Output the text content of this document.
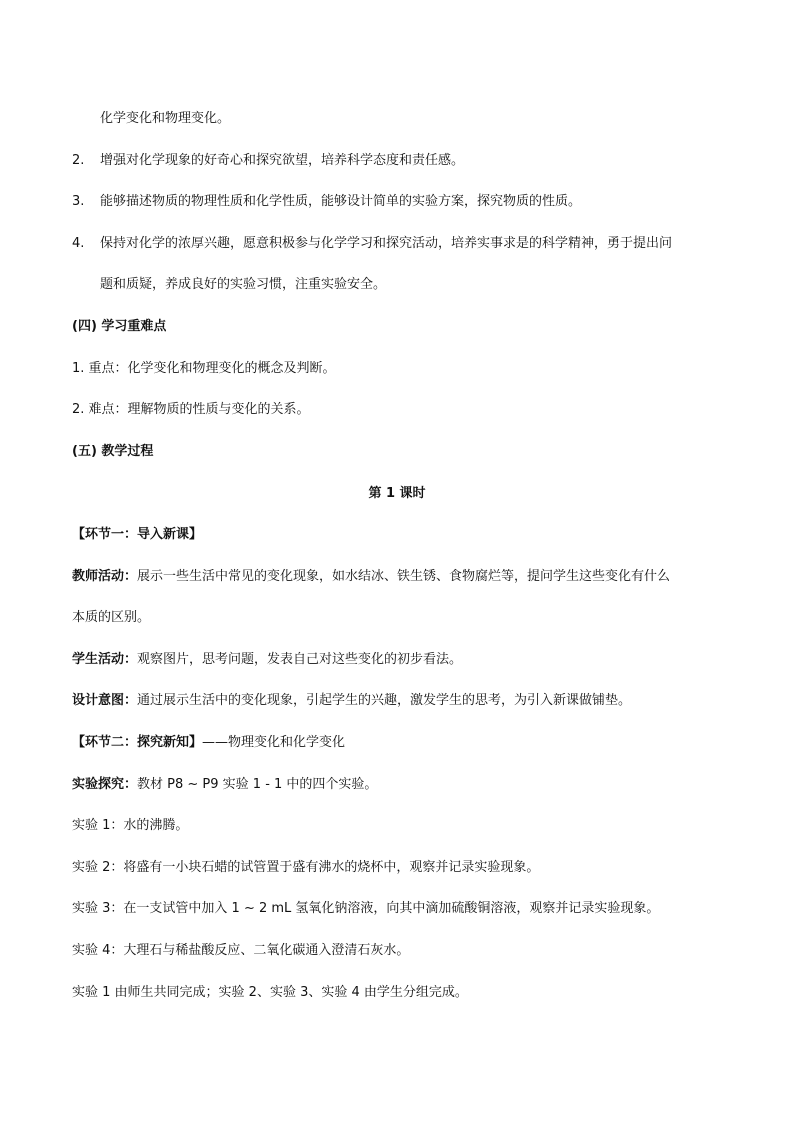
化学变化和物理变化。
2. 增强对化学现象的好奇心和探究欲望，培养科学态度和责任感。
3. 能够描述物质的物理性质和化学性质，能够设计简单的实验方案，探究物质的性质。
4. 保持对化学的浓厚兴趣，愿意积极参与化学学习和探究活动，培养实事求是的科学精神，勇于提出问
题和质疑，养成良好的实验习惯，注重实验安全。
(四) 学习重难点
1. 重点：化学变化和物理变化的概念及判断。
2. 难点：理解物质的性质与变化的关系。
(五) 教学过程
第 1 课时
【环节一：导入新课】
教师活动：展示一些生活中常见的变化现象，如水结冰、铁生锈、食物腐烂等，提问学生这些变化有什么
本质的区别。
学生活动：观察图片，思考问题，发表自己对这些变化的初步看法。
设计意图：通过展示生活中的变化现象，引起学生的兴趣，激发学生的思考，为引入新课做铺垫。
【环节二：探究新知】——物理变化和化学变化
实验探究：教材 P8 ~ P9 实验 1 - 1 中的四个实验。
实验 1：水的沸腾。
实验 2：将盛有一小块石蜡的试管置于盛有沸水的烧杯中，观察并记录实验现象。
实验 3：在一支试管中加入 1 ~ 2 mL 氢氧化钠溶液，向其中滴加硫酸铜溶液，观察并记录实验现象。
实验 4：大理石与稀盐酸反应、二氧化碳通入澄清石灰水。
实验 1 由师生共同完成；实验 2、实验 3、实验 4 由学生分组完成。
